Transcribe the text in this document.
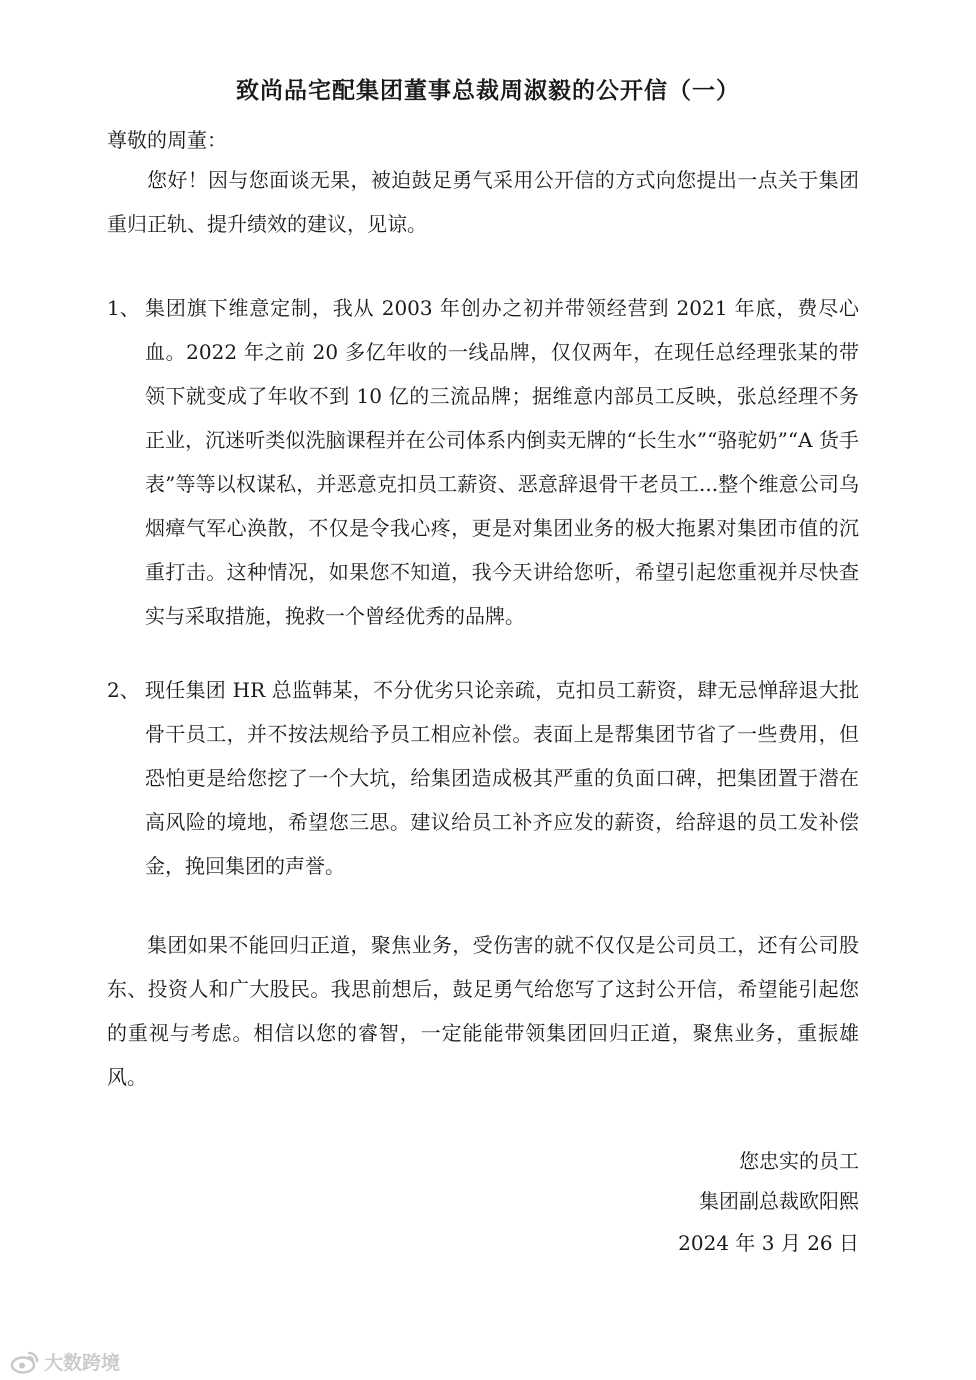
致尚品宅配集团董事总裁周淑毅的公开信（一）
尊敬的周董：

您好！因与您面谈无果，被迫鼓足勇气采用公开信的方式向您提出一点关于集团重归正轨、提升绩效的建议，见谅。

1、 集团旗下维意定制，我从 2003 年创办之初并带领经营到 2021 年底，费尽心血。2022 年之前 20 多亿年收的一线品牌，仅仅两年，在现任总经理张某的带领下就变成了年收不到 10 亿的三流品牌；据维意内部员工反映，张总经理不务正业，沉迷听类似洗脑课程并在公司体系内倒卖无牌的“长生水”“骆驼奶”“A 货手表”等等以权谋私，并恶意克扣员工薪资、恶意辞退骨干老员工...整个维意公司乌烟瘴气军心涣散，不仅是令我心疼，更是对集团业务的极大拖累对集团市值的沉重打击。这种情况，如果您不知道，我今天讲给您听，希望引起您重视并尽快查实与采取措施，挽救一个曾经优秀的品牌。

2、 现任集团 HR 总监韩某，不分优劣只论亲疏，克扣员工薪资，肆无忌惮辞退大批骨干员工，并不按法规给予员工相应补偿。表面上是帮集团节省了一些费用，但恐怕更是给您挖了一个大坑，给集团造成极其严重的负面口碑，把集团置于潜在高风险的境地，希望您三思。建议给员工补齐应发的薪资，给辞退的员工发补偿金，挽回集团的声誉。

集团如果不能回归正道，聚焦业务，受伤害的就不仅仅是公司员工，还有公司股东、投资人和广大股民。我思前想后，鼓足勇气给您写了这封公开信，希望能引起您的重视与考虑。相信以您的睿智，一定能能带领集团回归正道，聚焦业务，重振雄风。

您忠实的员工
集团副总裁欧阳熙
2024 年 3 月 26 日
大数跨境
